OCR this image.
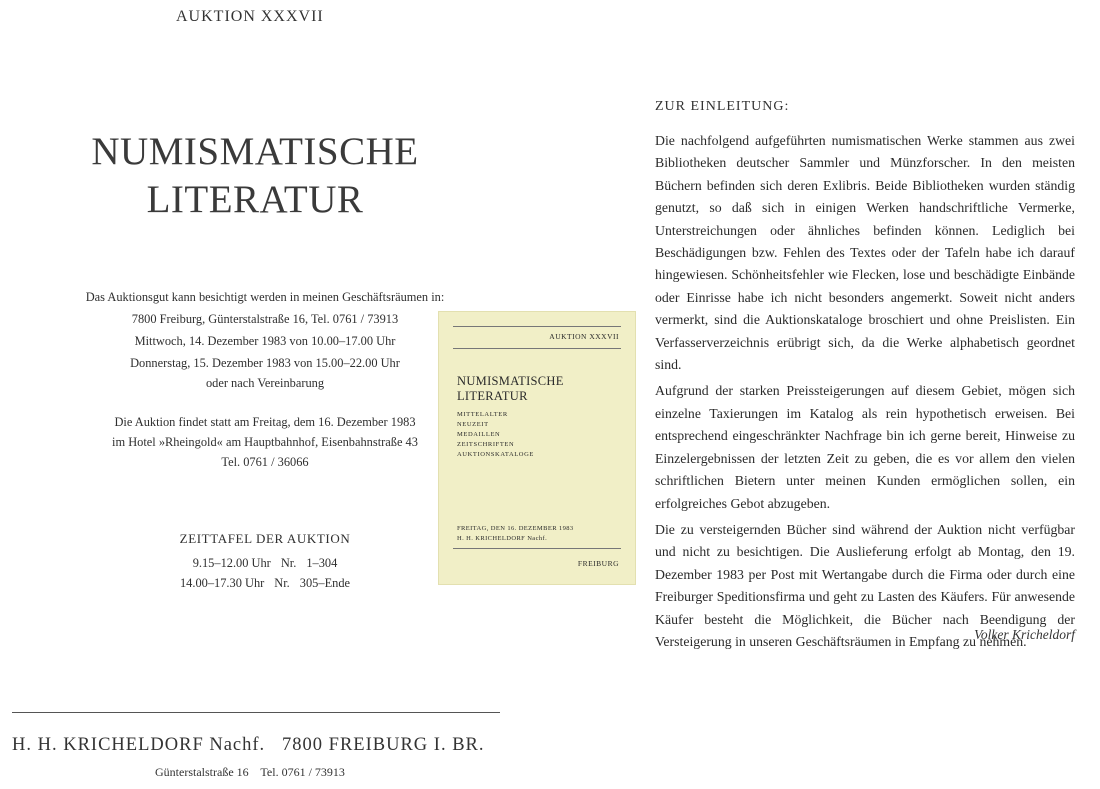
AUKTION XXXVII
NUMISMATISCHE
LITERATUR
Das Auktionsgut kann besichtigt werden in meinen Geschäftsräumen in:
7800 Freiburg, Günterstalstraße 16, Tel. 0761 / 73913
Mittwoch, 14. Dezember 1983 von 10.00–17.00 Uhr
Donnerstag, 15. Dezember 1983 von 15.00–22.00 Uhr
oder nach Vereinbarung
Die Auktion findet statt am Freitag, dem 16. Dezember 1983
im Hotel »Rheingold« am Hauptbahnhof, Eisenbahnstraße 43
Tel. 0761 / 36066
ZEITTAFEL DER AUKTION
9.15–12.00 Uhr Nr. 1–304
14.00–17.30 Uhr Nr. 305–Ende
H. H. KRICHELDORF Nachf.   7800 FREIBURG I. BR.
Günterstalstraße 16    Tel. 0761 / 73913
AUKTION XXXVII
NUMISMATISCHE LITERATUR
MITTELALTER
NEUZEIT
MEDAILLEN
ZEITSCHRIFTEN
AUKTIONSKATALOGE
FREITAG, DEN 16. DEZEMBER 1983
H. H. KRICHELDORF Nachf.
FREIBURG
ZUR EINLEITUNG:

Die nachfolgend aufgeführten numismatischen Werke stammen aus zwei Bibliotheken deutscher Sammler und Münzforscher. In den meisten Büchern befinden sich deren Exlibris. Beide Bibliotheken wurden ständig genutzt, so daß sich in einigen Werken handschriftliche Vermerke, Unterstreichungen oder ähnliches befinden können. Lediglich bei Beschädigungen bzw. Fehlen des Textes oder der Tafeln habe ich darauf hingewiesen. Schönheitsfehler wie Flecken, lose und beschädigte Einbände oder Einrisse habe ich nicht besonders angemerkt. Soweit nicht anders vermerkt, sind die Auktionskataloge broschiert und ohne Preislisten. Ein Verfasserverzeichnis erübrigt sich, da die Werke alphabetisch geordnet sind.

Aufgrund der starken Preissteigerungen auf diesem Gebiet, mögen sich einzelne Taxierungen im Katalog als rein hypothetisch erweisen. Bei entsprechend eingeschränkter Nachfrage bin ich gerne bereit, Hinweise zu Einzelergebnissen der letzten Zeit zu geben, die es vor allem den vielen schriftlichen Bietern unter meinen Kunden ermöglichen sollen, ein erfolgreiches Gebot abzugeben.

Die zu versteigernden Bücher sind während der Auktion nicht verfügbar und nicht zu besichtigen. Die Auslieferung erfolgt ab Montag, den 19. Dezember 1983 per Post mit Wertangabe durch die Firma oder durch eine Freiburger Speditionsfirma und geht zu Lasten des Käufers. Für anwesende Käufer besteht die Möglichkeit, die Bücher nach Beendigung der Versteigerung in unseren Geschäftsräumen in Empfang zu nehmen.

Volker Kricheldorf
